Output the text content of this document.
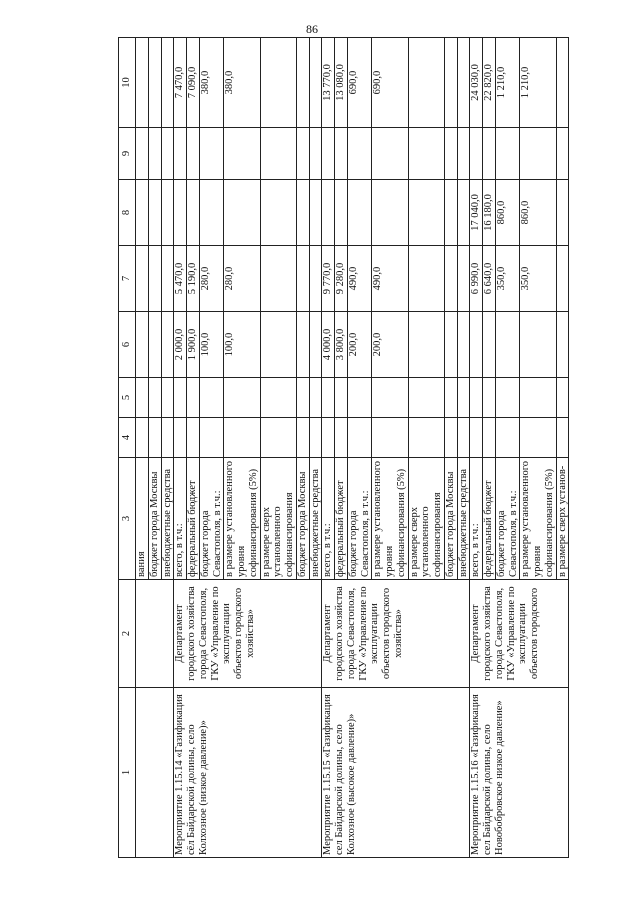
86
1	2	3	4	5	6	7	8	9	10
		вания							
		бюджет города Москвы							
		внебюджетные средства							
Мероприятие 1.15.14 «Газификация сёл Байдарской долины, село Колхозное (низкое давление)»	Департамент городского хозяйства города Севастополя, ГКУ «Управление по эксплуатации объектов городского хозяйства»	всего, в т.ч.:			2 000,0	5 470,0			7 470,0
		федеральный бюджет			1 900,0	5 190,0			7 090,0
		бюджет города Севастополя, в т.ч.:			100,0	280,0			380,0
		в размере установленного уровня софинансирования (5%)			100,0	280,0			380,0
		в размере сверх установленного софинансирования							
		бюджет города Москвы							
		внебюджетные средства							
Мероприятие 1.15.15 «Газификация сел Байдарской долины, село Колхозное (высокое давление)»	Департамент городского хозяйства города Севастополя, ГКУ «Управление по эксплуатации объектов городского хозяйства»	всего, в т.ч.:			4 000,0	9 770,0			13 770,0
		федеральный бюджет			3 800,0	9 280,0			13 080,0
		бюджет города Севастополя, в т.ч.:			200,0	490,0			690,0
		в размере установленного уровня софинансирования (5%)			200,0	490,0			690,0
		в размере сверх установленного софинансирования							
		бюджет города Москвы							
		внебюджетные средства							
Мероприятие 1.15.16 «Газификация сел Байдарской долины, село Новобобровское низкое давление»	Департамент городского хозяйства города Севастополя, ГКУ «Управление по эксплуатации объектов городского	всего, в т.ч.:				6 990,0	17 040,0		24 030,0
		федеральный бюджет				6 640,0	16 180,0		22 820,0
		бюджет города Севастополя, в т.ч.:				350,0	860,0		1 210,0
		в размере установленного уровня софинансирования (5%)				350,0	860,0		1 210,0
		в размере сверх установ-							
